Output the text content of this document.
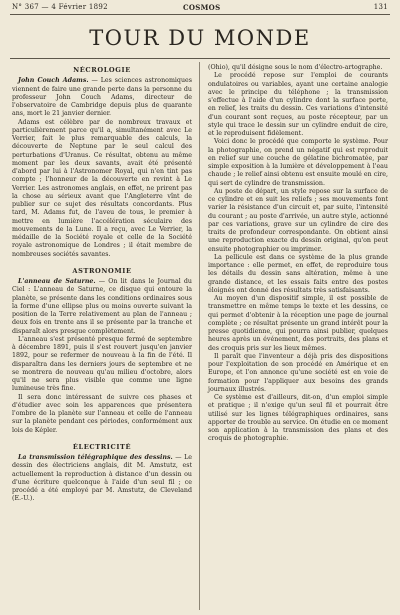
N° 367 — 4 Février 1892	COSMOS	131
TOUR DU MONDE
NÉCROLOGIE

John Couch Adams. — Les sciences astronomiques viennent de faire une grande perte dans la personne du professeur John Couch Adams, directeur de l'observatoire de Cambridge depuis plus de quarante ans, mort le 21 janvier dernier.

Adams est célèbre par de nombreux travaux et particulièrement parce qu'il a, simultanément avec Le Verrier, fait le plus remarquable des calculs, la découverte de Neptune par le seul calcul des perturbations d'Uranus. Ce résultat, obtenu au même moment par les deux savants, avait été présenté d'abord par lui à l'Astronomer Royal, qui n'en tint pas compte ; l'honneur de la découverte en revint à Le Verrier. Les astronomes anglais, en effet, ne prirent pas la chose au sérieux avant que l'Angleterre vînt de publier sur ce sujet des résultats concordants. Plus tard, M. Adams fut, de l'aveu de tous, le premier à mettre en lumière l'accélération séculaire des mouvements de la Lune. Il a reçu, avec Le Verrier, la médaille de la Société royale et celle de la Société royale astronomique de Londres ; il était membre de nombreuses sociétés savantes.

ASTRONOMIE

L'anneau de Saturne. — On lit dans le Journal du Ciel : L'anneau de Saturne, ce disque qui entoure la planète, se présente dans les conditions ordinaires sous la forme d'une ellipse plus ou moins ouverte suivant la position de la Terre relativement au plan de l'anneau ; deux fois en trente ans il se présente par la tranche et disparaît alors presque complètement.

L'anneau s'est présenté presque fermé de septembre à décembre 1891, puis il s'est rouvert jusqu'en janvier 1892, pour se refermer de nouveau à la fin de l'été. Il disparaîtra dans les derniers jours de septembre et ne se montrera de nouveau qu'au milieu d'octobre, alors qu'il ne sera plus visible que comme une ligne lumineuse très fine.

Il sera donc intéressant de suivre ces phases et d'étudier avec soin les apparences que présentera l'ombre de la planète sur l'anneau et celle de l'anneau sur la planète pendant ces périodes, conformément aux lois de Képler.

ÉLECTRICITÉ

La transmission télégraphique des dessins. — Le dessin des électriciens anglais, dit M. Amstutz, est actuellement la reproduction à distance d'un dessin ou d'une écriture quelconque à l'aide d'un seul fil ; ce procédé a été employé par M. Amstutz, de Cleveland (E.-U.).

(Ohio), qu'il désigne sous le nom d'électro-artographe.

Le procédé repose sur l'emploi de courants ondulatoires ou variables, ayant une certaine analogie avec le principe du téléphone ; la transmission s'effectue à l'aide d'un cylindre dont la surface porte, en relief, les traits du dessin. Ces variations d'intensité d'un courant sont reçues, au poste récepteur, par un style qui trace le dessin sur un cylindre enduit de cire, et le reproduisent fidèlement.

Voici donc le procédé que comporte le système. Pour la photographie, on prend un négatif qui est reproduit en relief sur une couche de gélatine bichromatée, par simple exposition à la lumière et développement à l'eau chaude ; le relief ainsi obtenu est ensuite moulé en cire, qui sert de cylindre de transmission.

Au poste de départ, un style repose sur la surface de ce cylindre et en suit les reliefs ; ses mouvements font varier la résistance d'un circuit et, par suite, l'intensité du courant ; au poste d'arrivée, un autre style, actionné par ces variations, grave sur un cylindre de cire des traits de profondeur correspondante. On obtient ainsi une reproduction exacte du dessin original, qu'on peut ensuite photographier ou imprimer.

La pellicule est dans ce système de la plus grande importance : elle permet, en effet, de reproduire tous les détails du dessin sans altération, même à une grande distance, et les essais faits entre des postes éloignés ont donné des résultats très satisfaisants.

Au moyen d'un dispositif simple, il est possible de transmettre en même temps le texte et les dessins, ce qui permet d'obtenir à la réception une page de journal complète ; ce résultat présente un grand intérêt pour la presse quotidienne, qui pourra ainsi publier, quelques heures après un événement, des portraits, des plans et des croquis pris sur les lieux mêmes.

Il paraît que l'inventeur a déjà pris des dispositions pour l'exploitation de son procédé en Amérique et en Europe, et l'on annonce qu'une société est en voie de formation pour l'appliquer aux besoins des grands journaux illustrés.

Ce système est d'ailleurs, dit-on, d'un emploi simple et pratique ; il n'exige qu'un seul fil et pourrait être utilisé sur les lignes télégraphiques ordinaires, sans apporter de trouble au service. On étudie en ce moment son application à la transmission des plans et des croquis de photographie.
